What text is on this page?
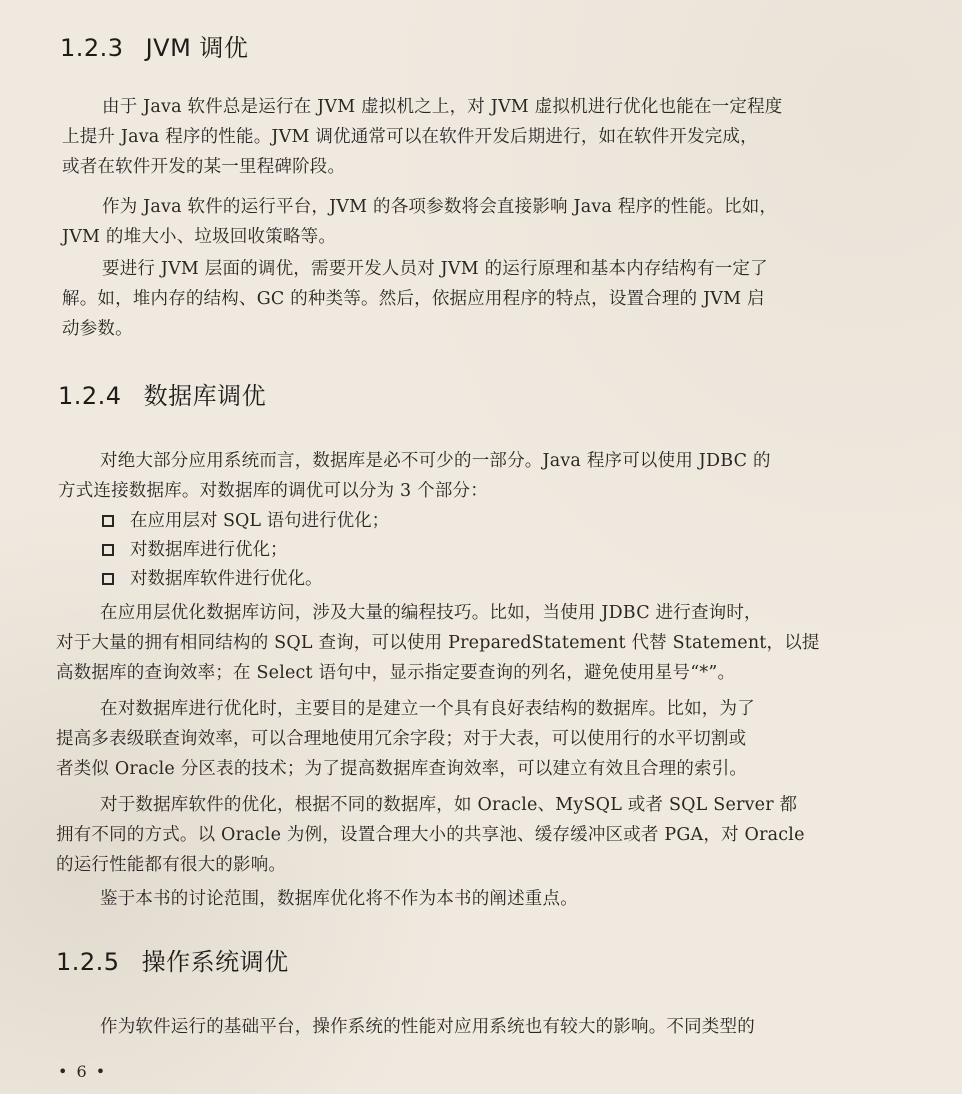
1.2.3 JVM 调优

由于 Java 软件总是运行在 JVM 虚拟机之上，对 JVM 虚拟机进行优化也能在一定程度
上提升 Java 程序的性能。JVM 调优通常可以在软件开发后期进行，如在软件开发完成，
或者在软件开发的某一里程碑阶段。

作为 Java 软件的运行平台，JVM 的各项参数将会直接影响 Java 程序的性能。比如，
JVM 的堆大小、垃圾回收策略等。

要进行 JVM 层面的调优，需要开发人员对 JVM 的运行原理和基本内存结构有一定了
解。如，堆内存的结构、GC 的种类等。然后，依据应用程序的特点，设置合理的 JVM 启
动参数。

1.2.4 数据库调优

对绝大部分应用系统而言，数据库是必不可少的一部分。Java 程序可以使用 JDBC 的
方式连接数据库。对数据库的调优可以分为 3 个部分：

在应用层对 SQL 语句进行优化；
对数据库进行优化；
对数据库软件进行优化。

在应用层优化数据库访问，涉及大量的编程技巧。比如，当使用 JDBC 进行查询时，
对于大量的拥有相同结构的 SQL 查询，可以使用 PreparedStatement 代替 Statement，以提
高数据库的查询效率；在 Select 语句中，显示指定要查询的列名，避免使用星号“*”。

在对数据库进行优化时，主要目的是建立一个具有良好表结构的数据库。比如，为了
提高多表级联查询效率，可以合理地使用冗余字段；对于大表，可以使用行的水平切割或
者类似 Oracle 分区表的技术；为了提高数据库查询效率，可以建立有效且合理的索引。

对于数据库软件的优化，根据不同的数据库，如 Oracle、MySQL 或者 SQL Server 都
拥有不同的方式。以 Oracle 为例，设置合理大小的共享池、缓存缓冲区或者 PGA，对 Oracle
的运行性能都有很大的影响。

鉴于本书的讨论范围，数据库优化将不作为本书的阐述重点。

1.2.5 操作系统调优

作为软件运行的基础平台，操作系统的性能对应用系统也有较大的影响。不同类型的

• 6 •
